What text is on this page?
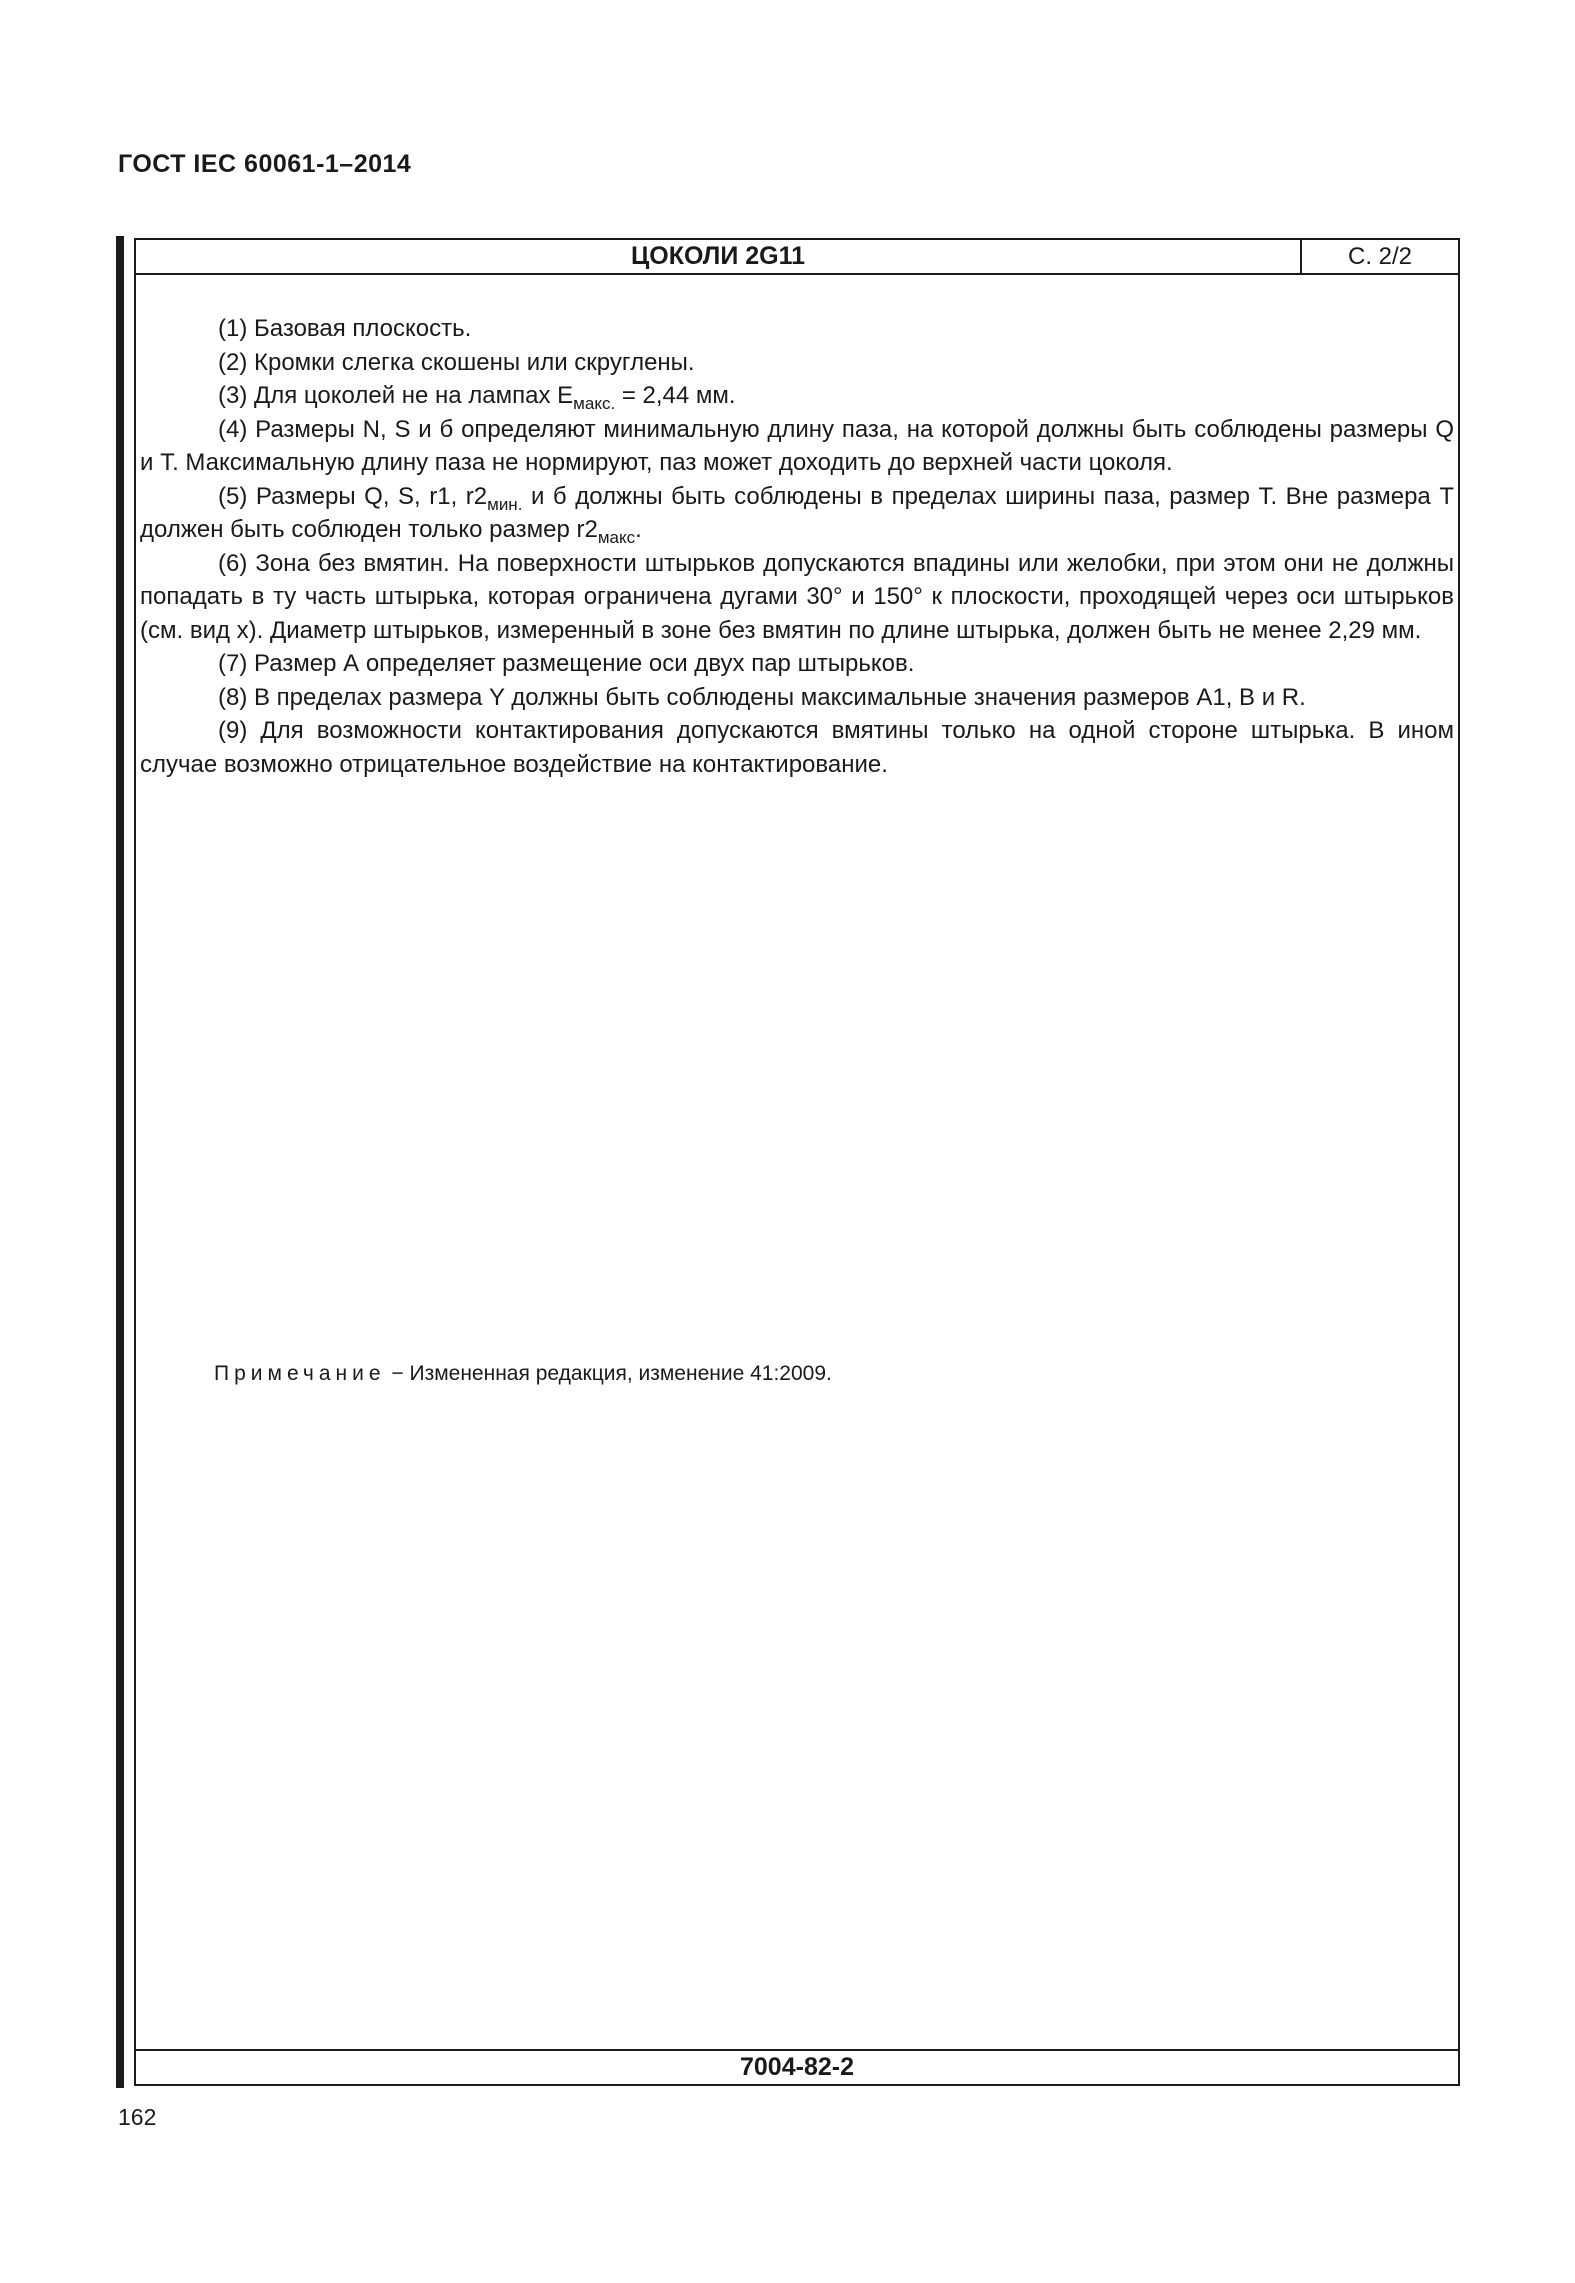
ГОСТ IEC 60061-1–2014
ЦОКОЛИ 2G11	С. 2/2

(1) Базовая плоскость.

(2) Кромки слегка скошены или скруглены.

(3) Для цоколей не на лампах $E_{макс.} = 2,44$ мм.

(4) Размеры N, S и б определяют минимальную длину паза, на которой должны быть соблюдены размеры Q и Т. Максимальную длину паза не нормируют, паз может доходить до верхней части цоколя.

(5) Размеры Q, S, r1, $r2_{мин.}$ и б должны быть соблюдены в пределах ширины паза, размер Т. Вне размера Т должен быть соблюден только размер $r2_{макс}$.

(6) Зона без вмятин. На поверхности штырьков допускаются впадины или желобки, при этом они не должны попадать в ту часть штырька, которая ограничена дугами 30° и 150° к плоскости, проходящей через оси штырьков (см. вид х). Диаметр штырьков, измеренный в зоне без вмятин по длине штырька, должен быть не менее 2,29 мм.

(7) Размер А определяет размещение оси двух пар штырьков.

(8) В пределах размера Y должны быть соблюдены максимальные значения размеров А1, В и R.

(9) Для возможности контактирования допускаются вмятины только на одной стороне штырька. В ином случае возможно отрицательное воздействие на контактирование.

Примечание − Измененная редакция, изменение 41:2009.
7004-82-2
162
